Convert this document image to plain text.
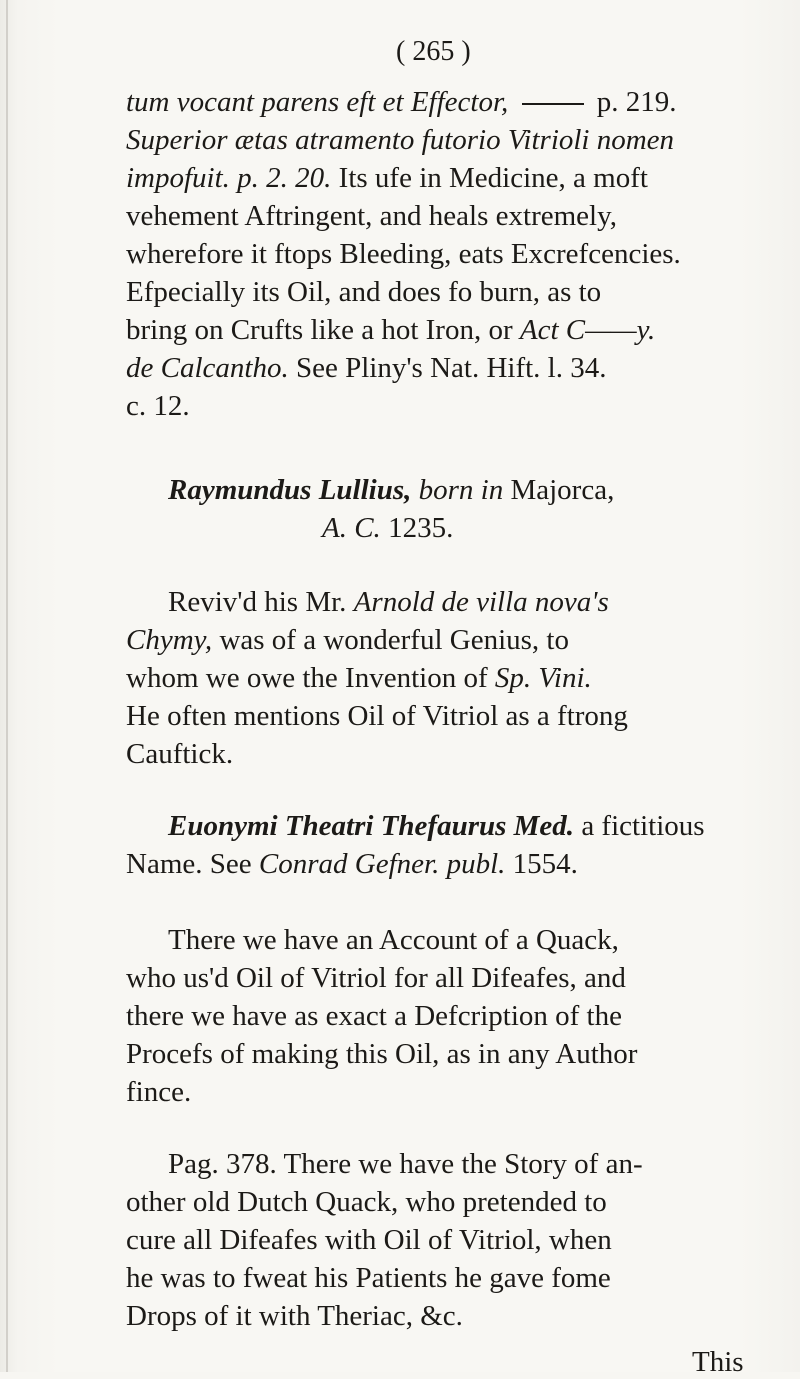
( 265 )
tum vocant parens eft et Effector,	p. 219.
Superior ætas atramento futorio Vitrioli nomen
impofuit. p. 2. 20. Its ufe in Medicine, a moft
vehement Aftringent, and heals extremely,
wherefore it ftops Bleeding, eats Excrefcencies.
Efpecially its Oil, and does fo burn, as to
bring on Crufts like a hot Iron, or Act C——y.
de Calcantho. See Pliny's Nat. Hift. l. 34.
c. 12.
Raymundus Lullius, born in Majorca,
A. C. 1235.
Reviv'd his Mr. Arnold de villa nova's
Chymy, was of a wonderful Genius, to
whom we owe the Invention of Sp. Vini.
He often mentions Oil of Vitriol as a ftrong
Cauftick.
Euonymi Theatri Thefaurus Med. a fictitious
Name. See Conrad Gefner. publ. 1554.
There we have an Account of a Quack,
who us'd Oil of Vitriol for all Difeafes, and
there we have as exact a Defcription of the
Procefs of making this Oil, as in any Author
fince.
Pag. 378. There we have the Story of an-
other old Dutch Quack, who pretended to
cure all Difeafes with Oil of Vitriol, when
he was to fweat his Patients he gave fome
Drops of it with Theriac, &c.
This
